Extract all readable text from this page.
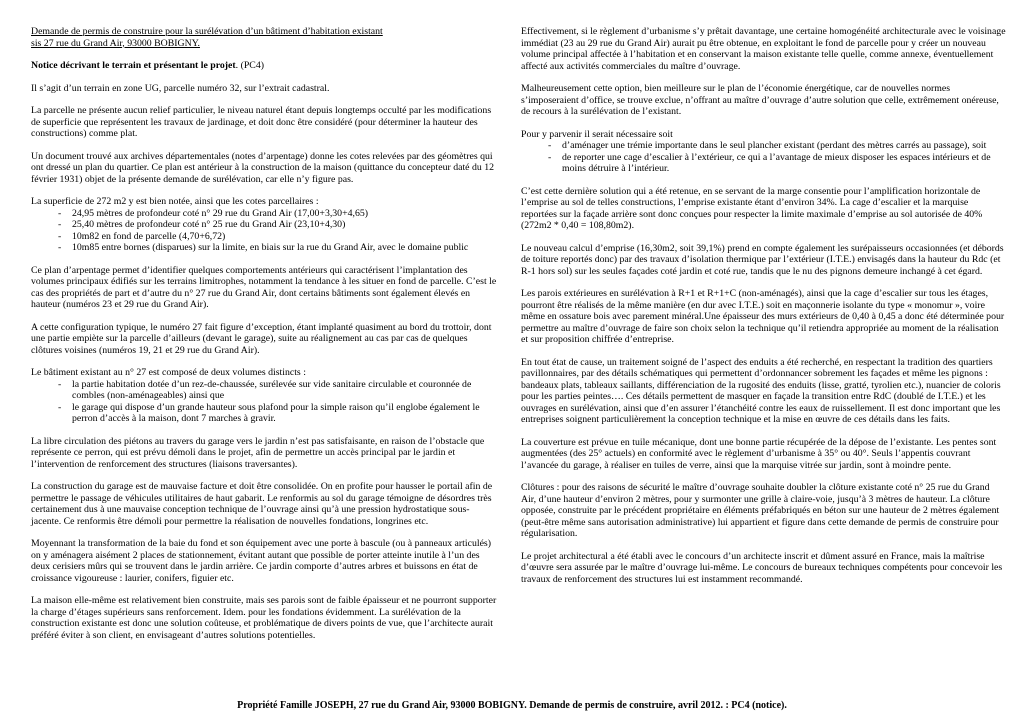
Demande de permis de construire pour la surélévation d’un bâtiment d’habitation existant
sis 27 rue du Grand Air, 93000 BOBIGNY.

Notice décrivant le terrain et présentant le projet. (PC4)

Il s’agit d’un terrain en zone UG, parcelle numéro 32, sur l’extrait cadastral.

La parcelle ne présente aucun relief particulier, le niveau naturel étant depuis longtemps occulté par les modifications de superficie que représentent les travaux de jardinage, et doit donc être considéré (pour déterminer la hauteur des constructions) comme plat.

Un document trouvé aux archives départementales (notes d’arpentage) donne les cotes relevées par des géomètres qui ont dressé un plan du quartier. Ce plan est antérieur à la construction de la maison (quittance du concepteur daté du 12 février 1931) objet de la présente demande de surélévation, car elle n’y figure pas.

La superficie de 272 m2 y est bien notée, ainsi que les cotes parcellaires :

- 24,95 mètres de profondeur coté n° 29 rue du Grand Air (17,00+3,30+4,65)
- 25,40 mètres de profondeur coté n° 25 rue du Grand Air (23,10+4,30)
- 10m82 en fond de parcelle (4,70+6,72)
- 10m85 entre bornes (disparues) sur la limite, en biais sur la rue du Grand Air, avec le domaine public

Ce plan d’arpentage permet d’identifier quelques comportements antérieurs qui caractérisent l’implantation des volumes principaux édifiés sur les terrains limitrophes, notamment la tendance à les situer en fond de parcelle. C’est le cas des propriétés de part et d’autre du n° 27 rue du Grand Air, dont certains bâtiments sont également élevés en hauteur (numéros 23 et 29 rue du Grand Air).

A cette configuration typique, le numéro 27 fait figure d’exception, étant implanté quasiment au bord du trottoir, dont une partie empiète sur la parcelle d’ailleurs (devant le garage), suite au réalignement au cas par cas de quelques clôtures voisines (numéros 19, 21 et 29 rue du Grand Air).

Le bâtiment existant au n° 27 est composé de deux volumes distincts :

- la partie habitation dotée d’un rez-de-chaussée, surélevée sur vide sanitaire circulable et couronnée de combles (non-aménageables) ainsi que
- le garage qui dispose d’un grande hauteur sous plafond pour la simple raison qu’il englobe également le perron d’accès à la maison, dont 7 marches à gravir.

La libre circulation des piétons au travers du garage vers le jardin n’est pas satisfaisante, en raison de l’obstacle que représente ce perron, qui est prévu démoli dans le projet, afin de permettre un accès principal par le jardin et l’intervention de renforcement des structures (liaisons traversantes).

La construction du garage est de mauvaise facture et doit être consolidée. On en profite pour hausser le portail afin de permettre le passage de véhicules utilitaires de haut gabarit. Le renformis au sol du garage témoigne de désordres très certainement dus à une mauvaise conception technique de l’ouvrage ainsi qu’à une pression hydrostatique sous-jacente. Ce renformis être démoli pour permettre la réalisation de nouvelles fondations, longrines etc.

Moyennant la transformation de la baie du fond et son équipement avec une porte à bascule (ou à panneaux articulés) on y aménagera aisément 2 places de stationnement, évitant autant que possible de porter atteinte inutile à l’un des deux cerisiers mûrs qui se trouvent dans le jardin arrière. Ce jardin comporte d’autres arbres et buissons en état de croissance vigoureuse : laurier, conifers, figuier etc.

La maison elle-même est relativement bien construite, mais ses parois sont de faible épaisseur et ne pourront supporter la charge d’étages supérieurs sans renforcement. Idem. pour les fondations évidemment. La surélévation de la construction existante est donc une solution coûteuse, et problématique de divers points de vue, que l’architecte aurait préféré éviter à son client, en envisageant d’autres solutions potentielles.

Effectivement, si le règlement d’urbanisme s’y prêtait davantage, une certaine homogénéité architecturale avec le voisinage immédiat (23 au 29 rue du Grand Air) aurait pu être obtenue, en exploitant le fond de parcelle pour y créer un nouveau volume principal affectée à l’habitation et en conservant la maison existante telle quelle, comme annexe, éventuellement affecté aux activités commerciales du maître d’ouvrage.

Malheureusement cette option, bien meilleure sur le plan de l’économie énergétique, car de nouvelles normes s’imposeraient d’office, se trouve exclue, n’offrant au maître d’ouvrage d’autre solution que celle, extrêmement onéreuse, de recours à la surélévation de l’existant.

Pour y parvenir il serait nécessaire soit

- d’aménager une trémie importante dans le seul plancher existant (perdant des mètres carrés au passage), soit
- de reporter une cage d’escalier à l’extérieur, ce qui a l’avantage de mieux disposer les espaces intérieurs et de moins détruire à l’intérieur.

C’est cette dernière solution qui a été retenue, en se servant de la marge consentie pour l’amplification horizontale de l’emprise au sol de telles constructions, l’emprise existante étant d’environ 34%. La cage d’escalier et la marquise reportées sur la façade arrière sont donc conçues pour respecter la limite maximale d’emprise au sol autorisée de 40% (272m2 * 0,40 = 108,80m2).

Le nouveau calcul d’emprise (16,30m2, soit 39,1%) prend en compte également les surépaisseurs occasionnées (et débords de toiture reportés donc) par des travaux d’isolation thermique par l’extérieur (I.T.E.) envisagés dans la hauteur du Rdc (et R-1 hors sol) sur les seules façades coté jardin et coté rue, tandis que le nu des pignons demeure inchangé à cet égard.

Les parois extérieures en surélévation à R+1 et R+1+C (non-aménagés), ainsi que la cage d’escalier sur tous les étages, pourront être réalisés de la même manière (en dur avec I.T.E.) soit en maçonnerie isolante du type « monomur », voire même en ossature bois avec parement minéral.Une épaisseur des murs extérieurs de 0,40 à 0,45 a donc été déterminée pour permettre au maître d’ouvrage de faire son choix selon la technique qu’il retiendra appropriée au moment de la réalisation et sur proposition chiffrée d’entreprise.

En tout état de cause, un traitement soigné de l’aspect des enduits a été recherché, en respectant la tradition des quartiers pavillonnaires, par des détails schématiques qui permettent d’ordonnancer sobrement les façades et même les pignons : bandeaux plats, tableaux saillants, différenciation de la rugosité des enduits (lisse, gratté, tyrolien etc.), nuancier de coloris pour les parties peintes…. Ces détails permettent de masquer en façade la transition entre RdC (doublé de I.T.E.) et les ouvrages en surélévation, ainsi que d’en assurer l’étanchéité contre les eaux de ruissellement. Il est donc important que les entreprises soignent particulièrement la conception technique et la mise en œuvre de ces détails dans les faits.

La couverture est prévue en tuile mécanique, dont une bonne partie récupérée de la dépose de l’existante. Les pentes sont augmentées (des 25° actuels) en conformité avec le règlement d’urbanisme à 35° ou 40°. Seuls l’appentis couvrant l’avancée du garage, à réaliser en tuiles de verre, ainsi que la marquise vitrée sur jardin, sont à moindre pente.

Clôtures : pour des raisons de sécurité le maître d’ouvrage souhaite doubler la clôture existante coté n° 25 rue du Grand Air, d’une hauteur d’environ 2 mètres, pour y surmonter une grille à claire-voie, jusqu’à 3 mètres de hauteur. La clôture opposée, construite par le précédent propriétaire en éléments préfabriqués en béton sur une hauteur de 2 mètres également (peut-être même sans autorisation administrative) lui appartient et figure dans cette demande de permis de construire pour régularisation.

Le projet architectural a été établi avec le concours d’un architecte inscrit et dûment assuré en France, mais la maîtrise d’œuvre sera assurée par le maître d’ouvrage lui-même. Le concours de bureaux techniques compétents pour concevoir les travaux de renforcement des structures lui est instamment recommandé.

Propriété Famille JOSEPH, 27 rue du Grand Air, 93000 BOBIGNY. Demande de permis de construire, avril 2012. : PC4 (notice).
